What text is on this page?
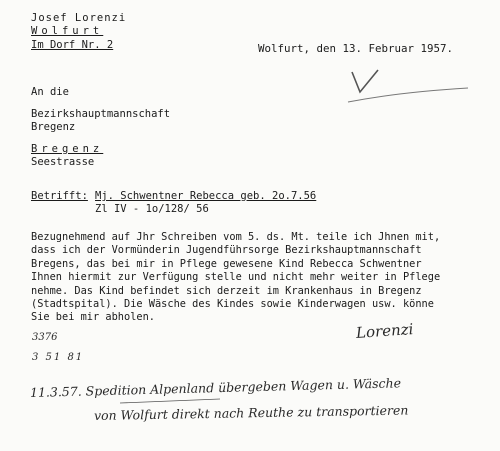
Josef Lorenzi
Wolfurt
Im Dorf Nr. 2	Wolfurt, den 13. Februar 1957.
An die
Bezirkshauptmannschaft
Bregenz
Bregenz
Seestrasse
Betrifft: Mj. Schwentner Rebecca geb. 2o.7.56
Zl IV - 1o/128/ 56
Bezugnehmend auf Jhr Schreiben vom 5. ds. Mt. teile ich Jhnen mit,
dass ich der Vormünderin Jugendführsorge Bezirkshauptmannschaft
Bregens, das bei mir in Pflege gewesene Kind Rebecca Schwentner
Ihnen hiermit zur Verfügung stelle und nicht mehr weiter in Pflege
nehme. Das Kind befindet sich derzeit im Krankenhaus in Bregenz
(Stadtspital). Die Wäsche des Kindes sowie Kinderwagen usw. könne
Sie bei mir abholen.
3376
3 51 81
Lorenzi
11.3.57. Spedition Alpenland übergeben Wagen u. Wäsche
von Wolfurt direkt nach Reuthe zu transportieren
